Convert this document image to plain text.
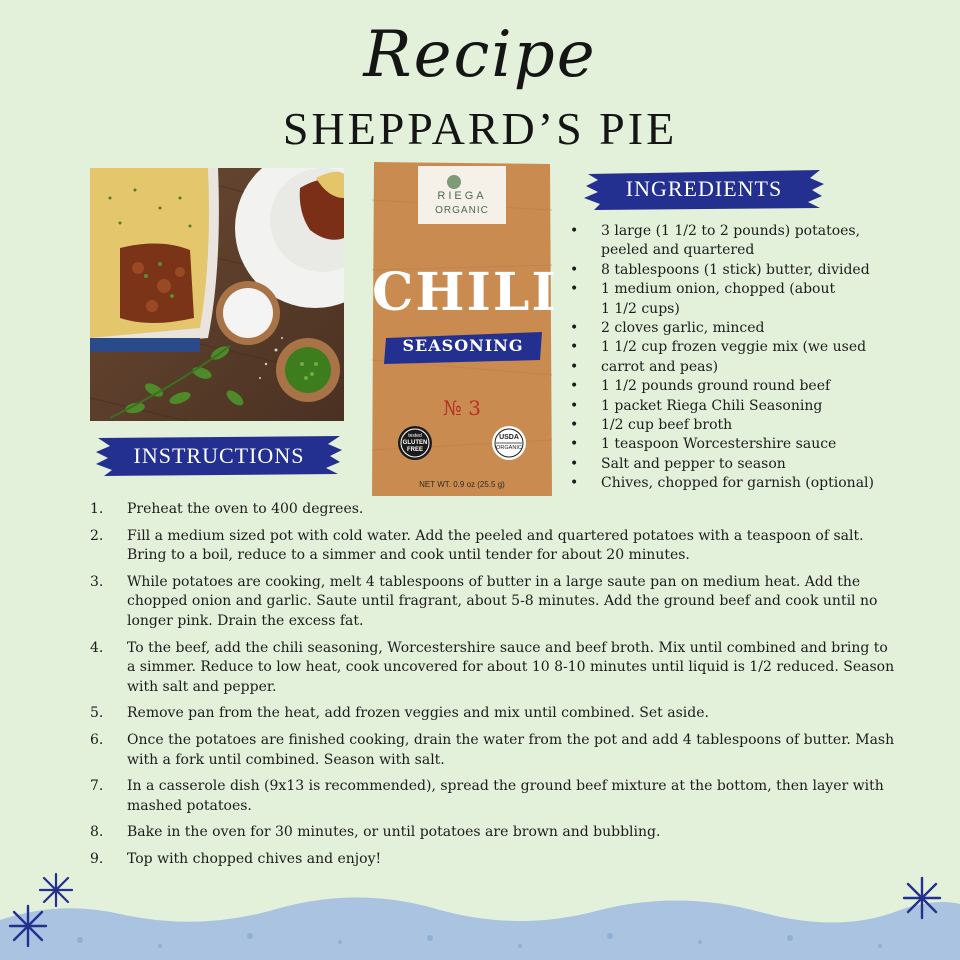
Recipe
SHEPPARD’S PIE
RIEGA
ORGANIC
CHILI
SEASONING
№ 3
tested
GLUTEN FREE
USDA
ORGANIC
NET WT. 0.9 oz (25.5 g)
INGREDIENTS
• 3 large (1 1/2 to 2 pounds) potatoes,
peeled and quartered
• 8 tablespoons (1 stick) butter, divided
• 1 medium onion, chopped (about
1 1/2 cups)
• 2 cloves garlic, minced
• 1 1/2 cup frozen veggie mix (we used
• carrot and peas)
• 1 1/2 pounds ground round beef
• 1 packet Riega Chili Seasoning
• 1/2 cup beef broth
• 1 teaspoon Worcestershire sauce
• Salt and pepper to season
• Chives, chopped for garnish (optional)
INSTRUCTIONS
1. Preheat the oven to 400 degrees.
2. Fill a medium sized pot with cold water. Add the peeled and quartered potatoes with a teaspoon of salt. Bring to a boil, reduce to a simmer and cook until tender for about 20 minutes.
3. While potatoes are cooking, melt 4 tablespoons of butter in a large saute pan on medium heat. Add the chopped onion and garlic. Saute until fragrant, about 5-8 minutes. Add the ground beef and cook until no longer pink. Drain the excess fat.
4. To the beef, add the chili seasoning, Worcestershire sauce and beef broth. Mix until combined and bring to a simmer. Reduce to low heat, cook uncovered for about 10 8-10 minutes until liquid is 1/2 reduced. Season with salt and pepper.
5. Remove pan from the heat, add frozen veggies and mix until combined. Set aside.
6. Once the potatoes are finished cooking, drain the water from the pot and add 4 tablespoons of butter. Mash with a fork until combined. Season with salt.
7. In a casserole dish (9x13 is recommended), spread the ground beef mixture at the bottom, then layer with mashed potatoes.
8. Bake in the oven for 30 minutes, or until potatoes are brown and bubbling.
9. Top with chopped chives and enjoy!
